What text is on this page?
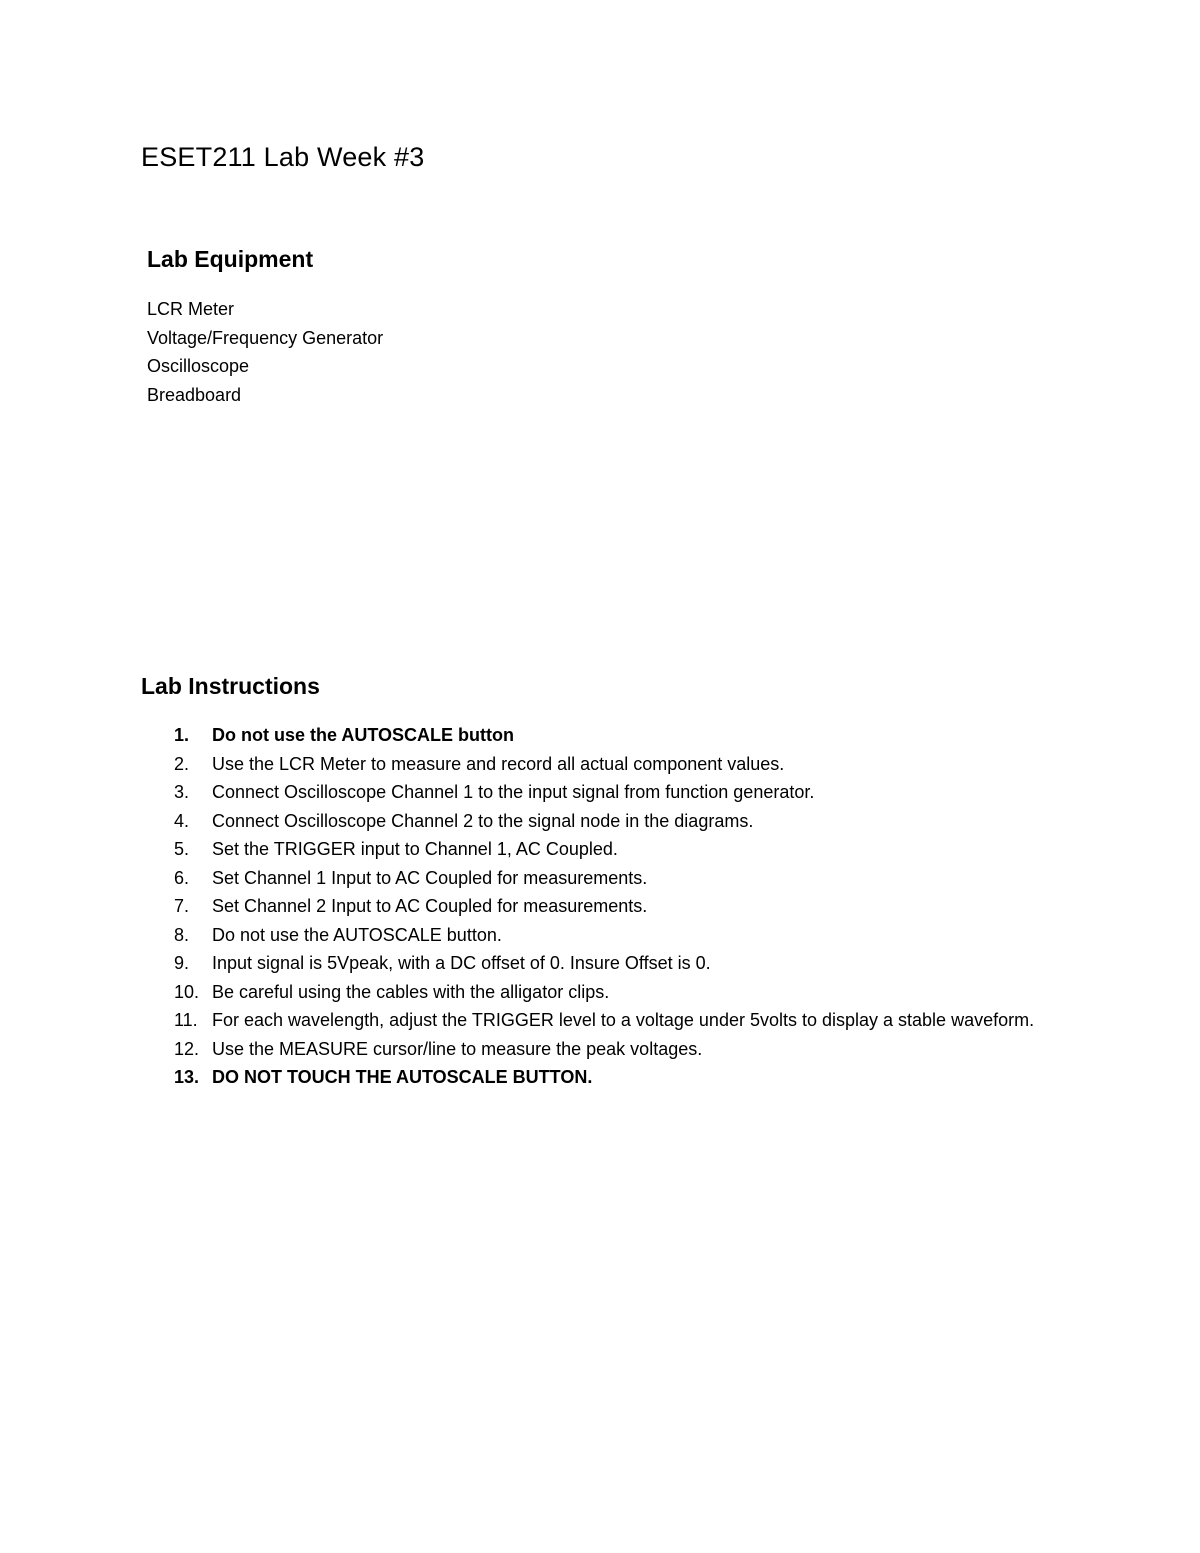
ESET211 Lab Week #3
Lab Equipment
LCR Meter
Voltage/Frequency Generator
Oscilloscope
Breadboard
Lab Instructions
1.	Do not use the AUTOSCALE button
2.	Use the LCR Meter to measure and record all actual component values.
3.	Connect Oscilloscope Channel 1 to the input signal from function generator.
4.	Connect Oscilloscope Channel 2 to the signal node in the diagrams.
5.	Set the TRIGGER input to Channel 1, AC Coupled.
6.	Set Channel 1 Input to AC Coupled for measurements.
7.	Set Channel 2 Input to AC Coupled for measurements.
8.	Do not use the AUTOSCALE button.
9.	Input signal is 5Vpeak, with a DC offset of 0. Insure Offset is 0.
10. Be careful using the cables with the alligator clips.
11. For each wavelength, adjust the TRIGGER level to a voltage under 5volts to display a stable waveform.
12. Use the MEASURE cursor/line to measure the peak voltages.
13. DO NOT TOUCH THE AUTOSCALE BUTTON.
